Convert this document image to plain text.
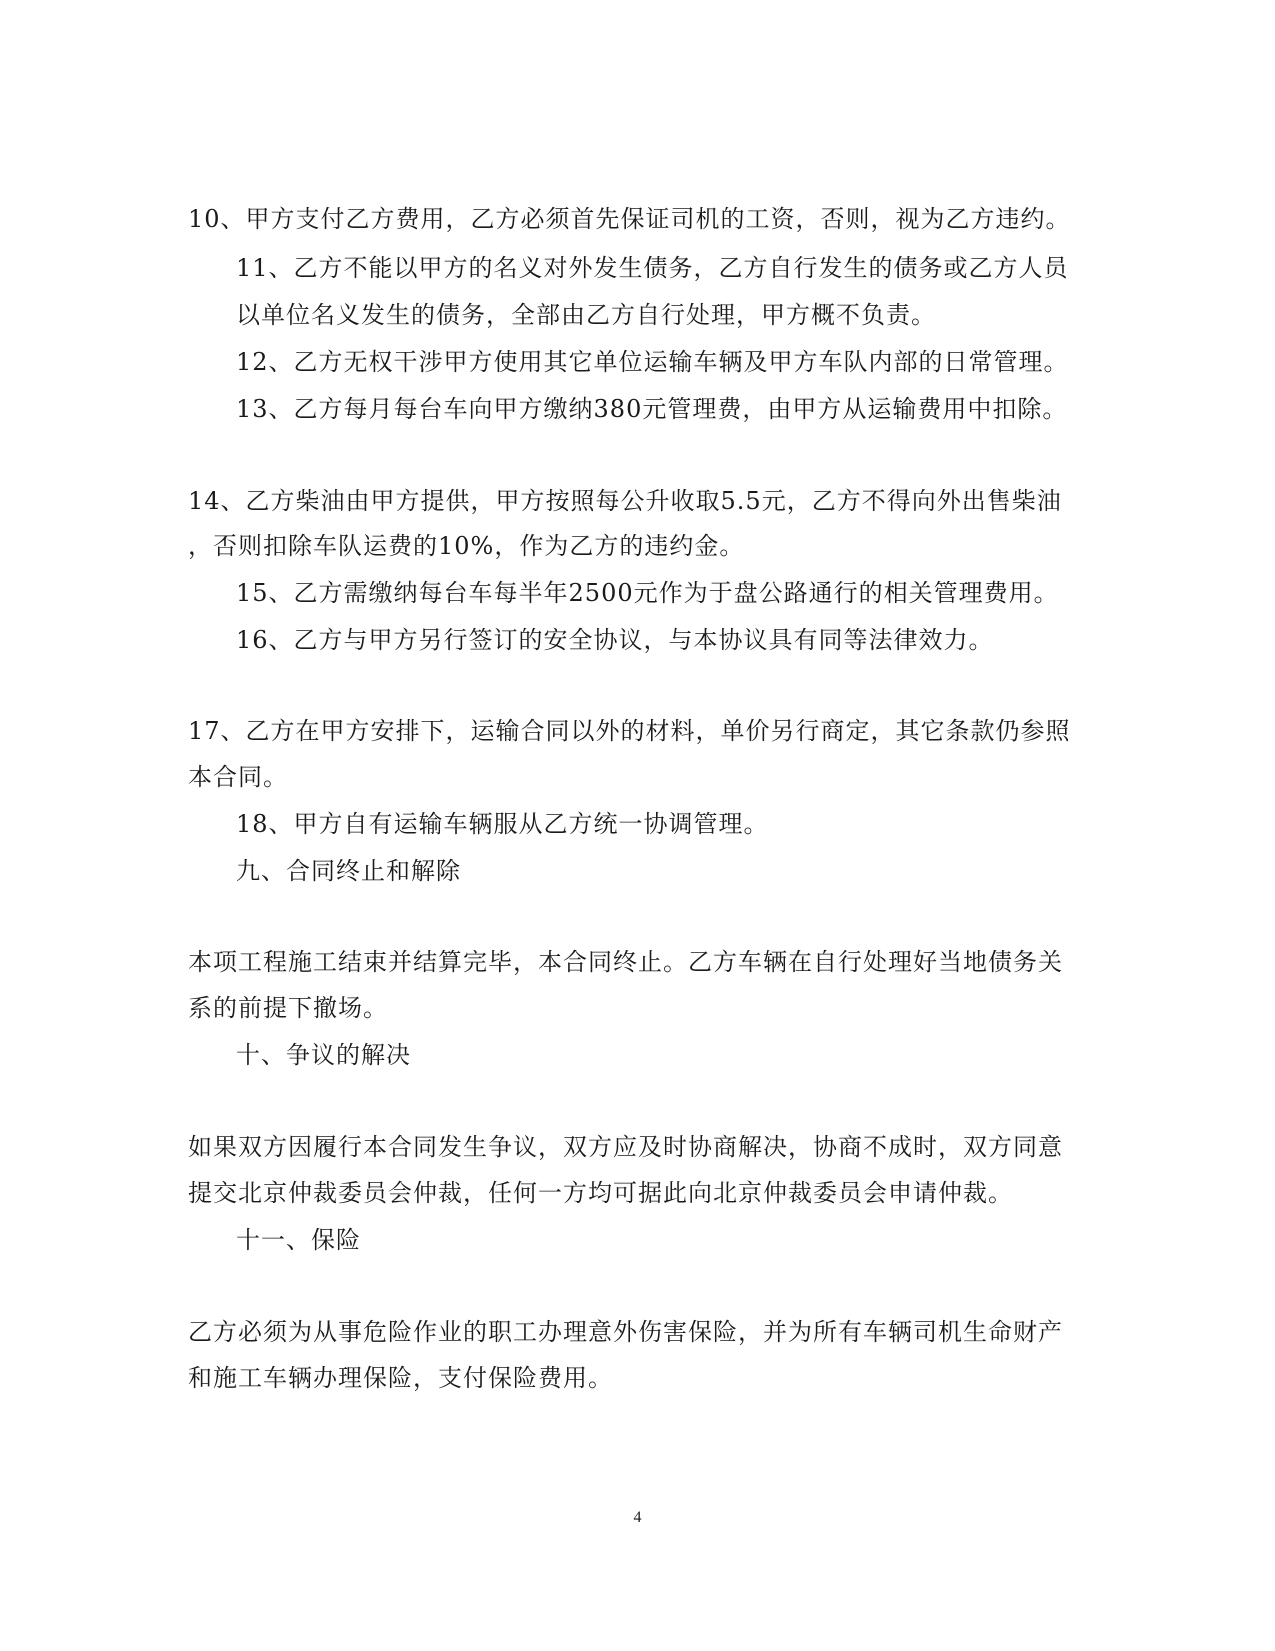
10、甲方支付乙方费用，乙方必须首先保证司机的工资，否则，视为乙方违约。
11、乙方不能以甲方的名义对外发生债务，乙方自行发生的债务或乙方人员
以单位名义发生的债务，全部由乙方自行处理，甲方概不负责。
12、乙方无权干涉甲方使用其它单位运输车辆及甲方车队内部的日常管理。
13、乙方每月每台车向甲方缴纳380元管理费，由甲方从运输费用中扣除。
14、乙方柴油由甲方提供，甲方按照每公升收取5.5元，乙方不得向外出售柴油
，否则扣除车队运费的10%，作为乙方的违约金。
15、乙方需缴纳每台车每半年2500元作为于盘公路通行的相关管理费用。
16、乙方与甲方另行签订的安全协议，与本协议具有同等法律效力。
17、乙方在甲方安排下，运输合同以外的材料，单价另行商定，其它条款仍参照
本合同。
18、甲方自有运输车辆服从乙方统一协调管理。
九、合同终止和解除
本项工程施工结束并结算完毕，本合同终止。乙方车辆在自行处理好当地债务关
系的前提下撤场。
十、争议的解决
如果双方因履行本合同发生争议，双方应及时协商解决，协商不成时，双方同意
提交北京仲裁委员会仲裁，任何一方均可据此向北京仲裁委员会申请仲裁。
十一、保险
乙方必须为从事危险作业的职工办理意外伤害保险，并为所有车辆司机生命财产
和施工车辆办理保险，支付保险费用。
4
